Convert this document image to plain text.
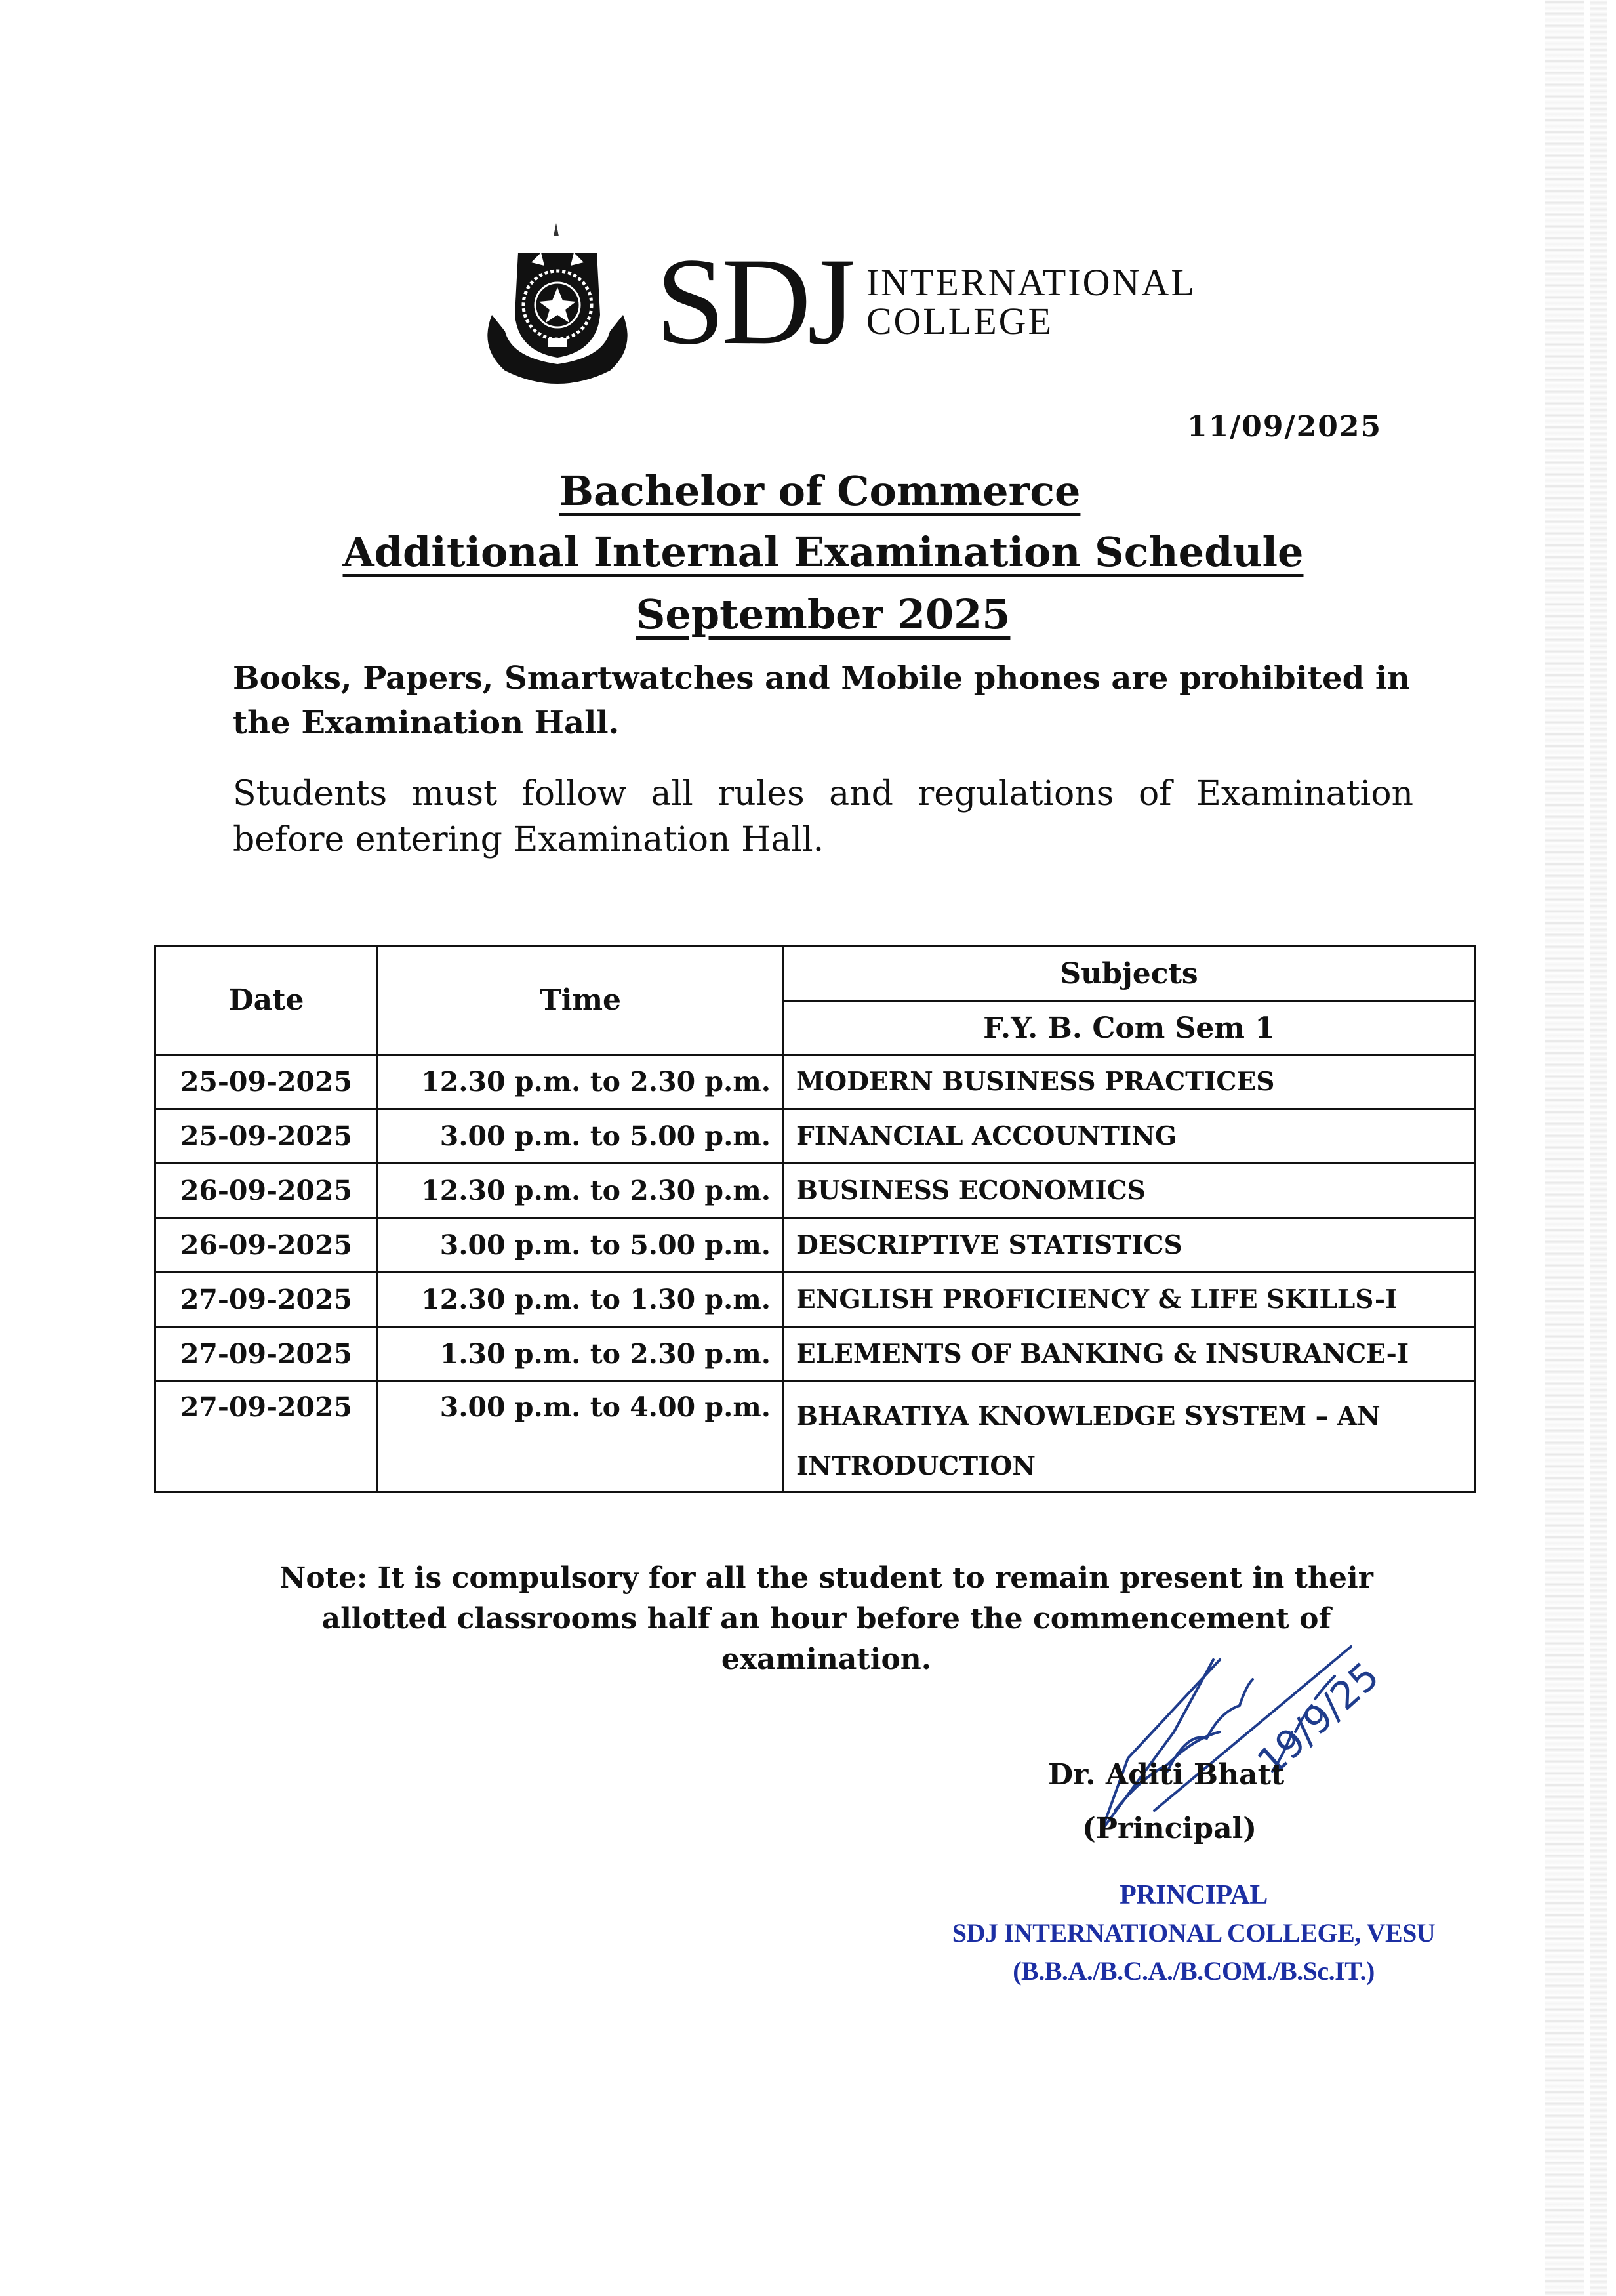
SDJ INTERNATIONAL
COLLEGE
11/09/2025
Bachelor of Commerce
Additional Internal Examination Schedule
September 2025
Books, Papers, Smartwatches and Mobile phones are prohibited in the Examination Hall.
Students must follow all rules and regulations of Examination before entering Examination Hall.
Date	Time	Subjects
		F.Y. B. Com Sem 1
25-09-2025	12.30 p.m. to 2.30 p.m.	MODERN BUSINESS PRACTICES
25-09-2025	3.00 p.m. to 5.00 p.m.	FINANCIAL ACCOUNTING
26-09-2025	12.30 p.m. to 2.30 p.m.	BUSINESS ECONOMICS
26-09-2025	3.00 p.m. to 5.00 p.m.	DESCRIPTIVE STATISTICS
27-09-2025	12.30 p.m. to 1.30 p.m.	ENGLISH PROFICIENCY & LIFE SKILLS-I
27-09-2025	1.30 p.m. to 2.30 p.m.	ELEMENTS OF BANKING & INSURANCE-I
27-09-2025	3.00 p.m. to 4.00 p.m.	BHARATIYA KNOWLEDGE SYSTEM – AN INTRODUCTION
Note: It is compulsory for all the student to remain present in their allotted classrooms half an hour before the commencement of examination.	19/9/25
Dr. Aditi Bhatt
(Principal)
PRINCIPAL
SDJ INTERNATIONAL COLLEGE, VESU
(B.B.A./B.C.A./B.COM./B.Sc.IT.)
